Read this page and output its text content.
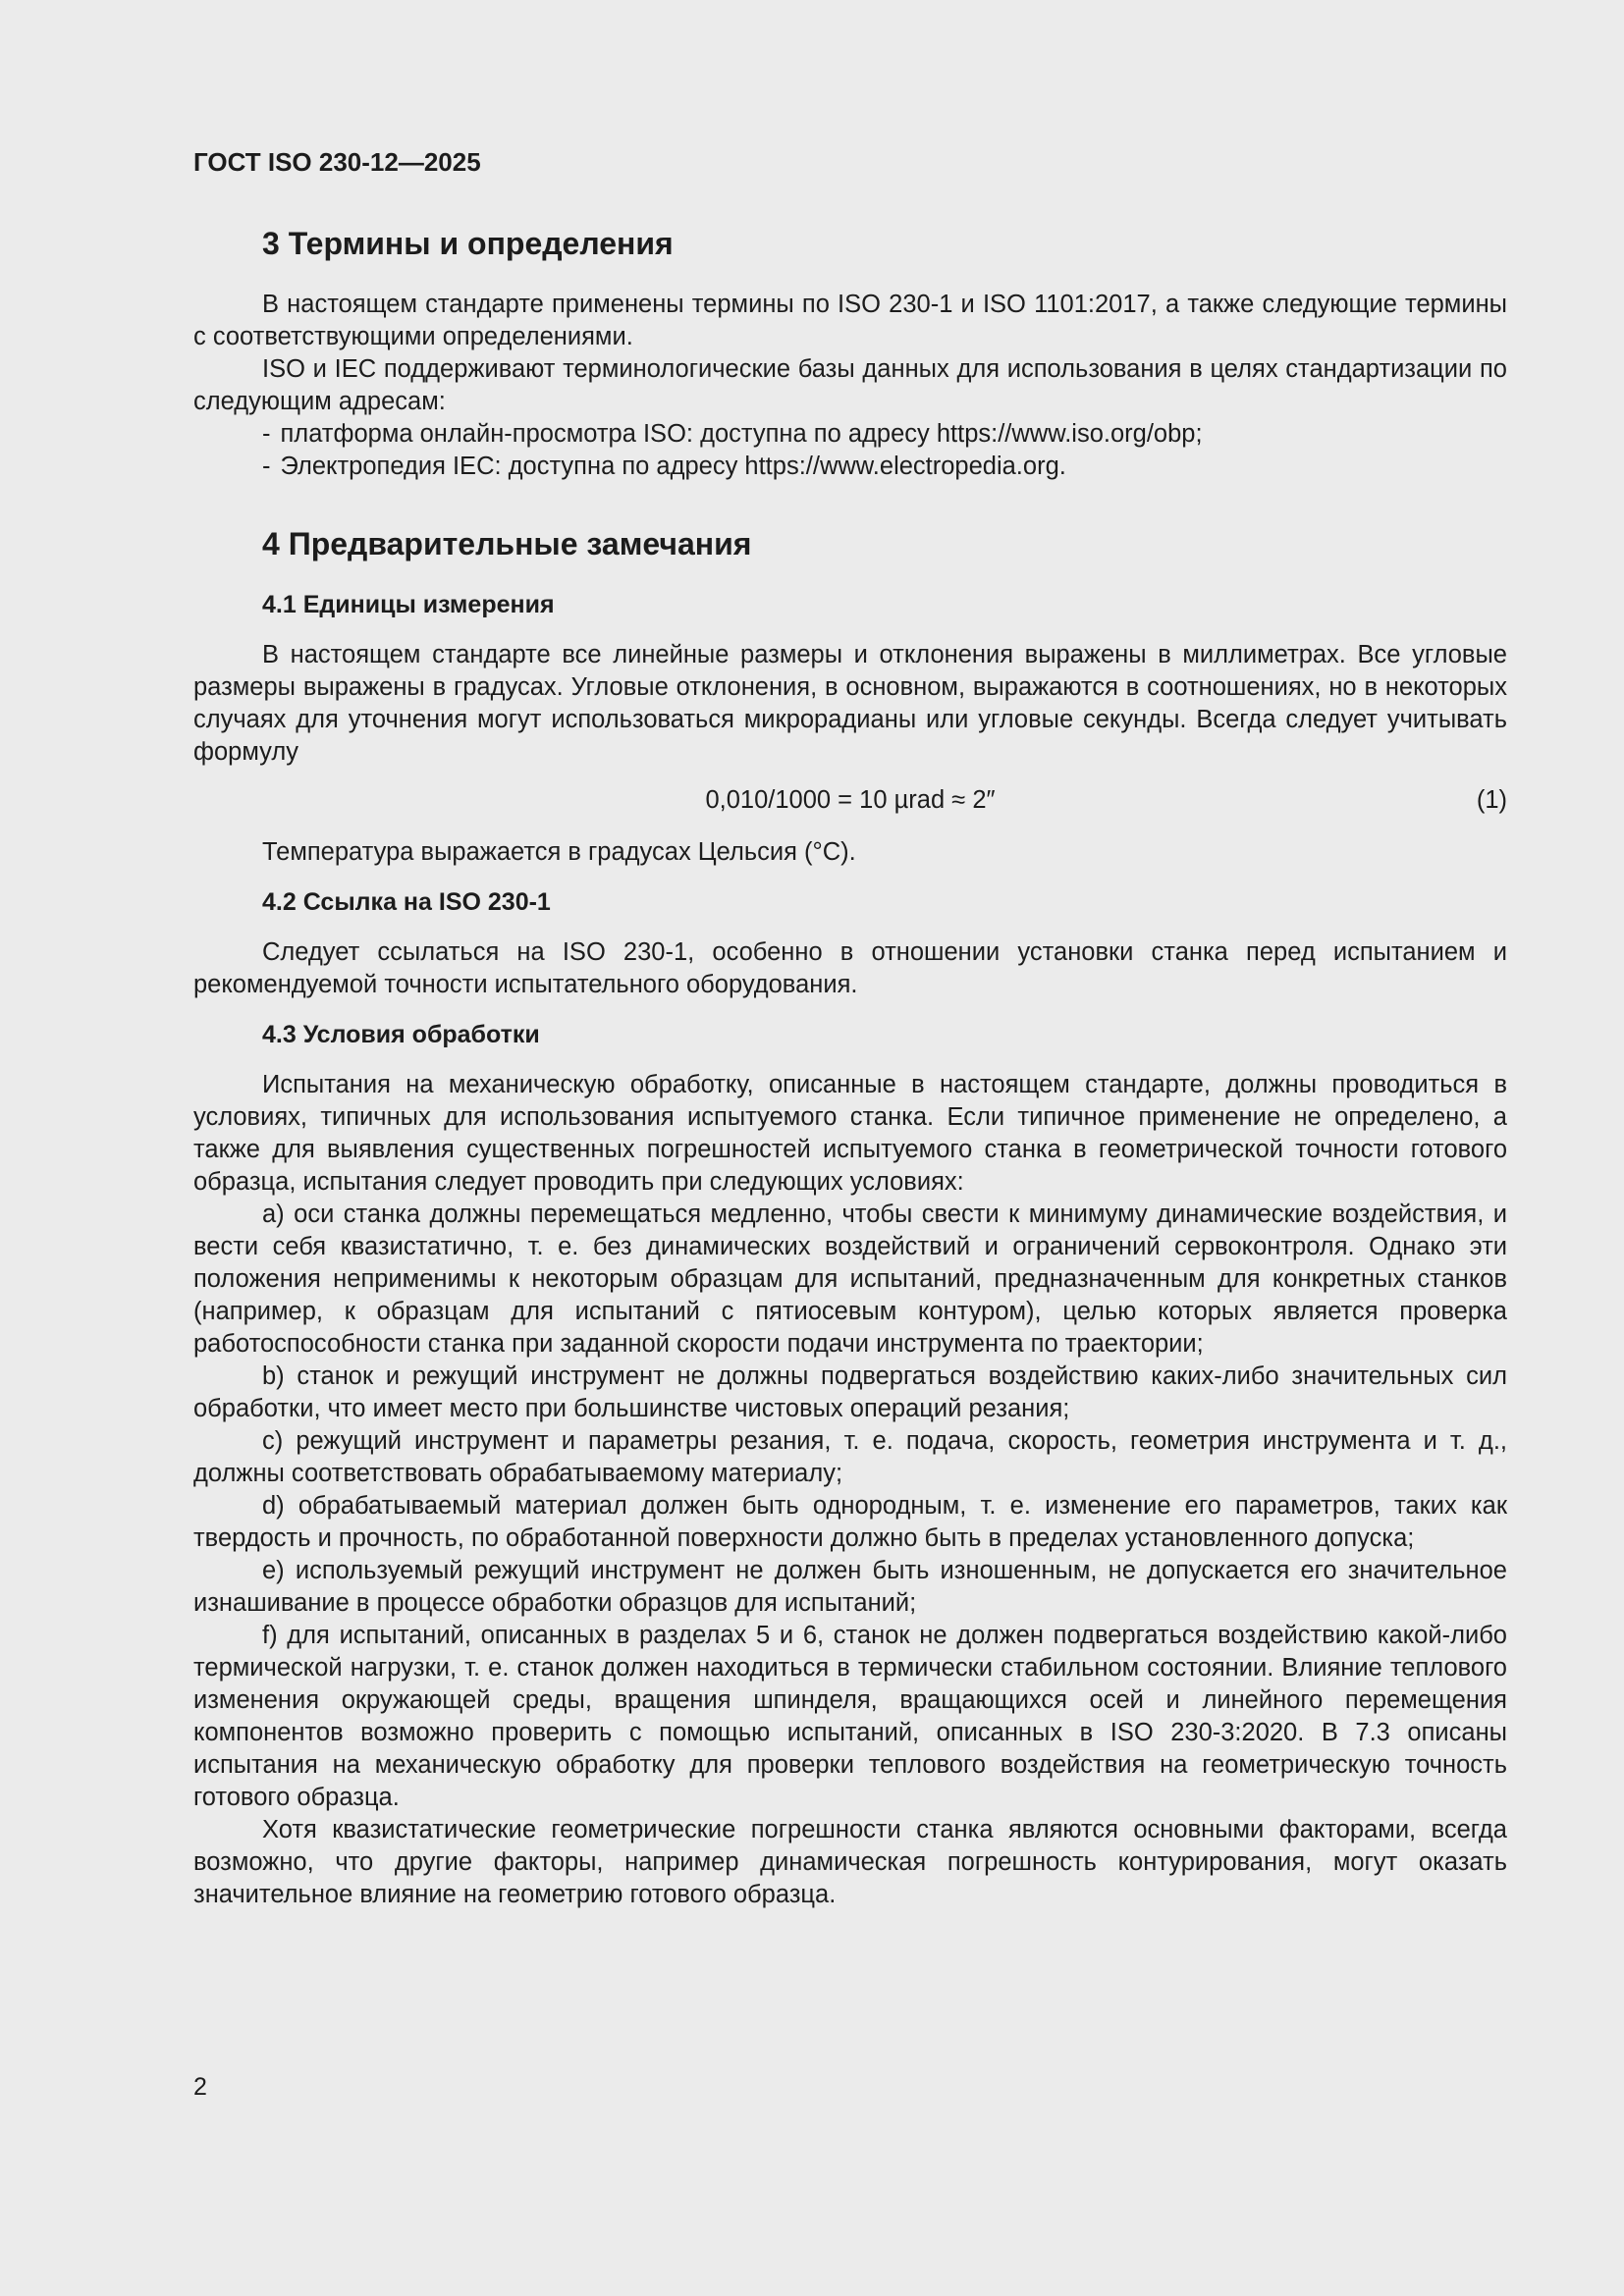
ГОСТ ISO 230-12—2025
3 Термины и определения

В настоящем стандарте применены термины по ISO 230-1 и ISO 1101:2017, а также следующие термины с соответствующими определениями.

ISO и IEC поддерживают терминологические базы данных для использования в целях стандартизации по следующим адресам:

- платформа онлайн-просмотра ISO: доступна по адресу https://www.iso.org/obp;
- Электропедия IEC: доступна по адресу https://www.electropedia.org.
4 Предварительные замечания
4.1 Единицы измерения

В настоящем стандарте все линейные размеры и отклонения выражены в миллиметрах. Все угловые размеры выражены в градусах. Угловые отклонения, в основном, выражаются в соотношениях, но в некоторых случаях для уточнения могут использоваться микрорадианы или угловые секунды. Всегда следует учитывать формулу

0,010/1000 = 10 µrad ≈ 2″	(1)

Температура выражается в градусах Цельсия (°С).

4.2 Ссылка на ISO 230-1

Следует ссылаться на ISO 230-1, особенно в отношении установки станка перед испытанием и рекомендуемой точности испытательного оборудования.

4.3 Условия обработки

Испытания на механическую обработку, описанные в настоящем стандарте, должны проводиться в условиях, типичных для использования испытуемого станка. Если типичное применение не определено, а также для выявления существенных погрешностей испытуемого станка в геометрической точности готового образца, испытания следует проводить при следующих условиях:

a) оси станка должны перемещаться медленно, чтобы свести к минимуму динамические воздействия, и вести себя квазистатично, т. е. без динамических воздействий и ограничений сервоконтроля. Однако эти положения неприменимы к некоторым образцам для испытаний, предназначенным для конкретных станков (например, к образцам для испытаний с пятиосевым контуром), целью которых является проверка работоспособности станка при заданной скорости подачи инструмента по траектории;

b) станок и режущий инструмент не должны подвергаться воздействию каких-либо значительных сил обработки, что имеет место при большинстве чистовых операций резания;

c) режущий инструмент и параметры резания, т. е. подача, скорость, геометрия инструмента и т. д., должны соответствовать обрабатываемому материалу;

d) обрабатываемый материал должен быть однородным, т. е. изменение его параметров, таких как твердость и прочность, по обработанной поверхности должно быть в пределах установленного допуска;

e) используемый режущий инструмент не должен быть изношенным, не допускается его значительное изнашивание в процессе обработки образцов для испытаний;

f) для испытаний, описанных в разделах 5 и 6, станок не должен подвергаться воздействию какой-либо термической нагрузки, т. е. станок должен находиться в термически стабильном состоянии. Влияние теплового изменения окружающей среды, вращения шпинделя, вращающихся осей и линейного перемещения компонентов возможно проверить с помощью испытаний, описанных в ISO 230-3:2020. В 7.3 описаны испытания на механическую обработку для проверки теплового воздействия на геометрическую точность готового образца.

Хотя квазистатические геометрические погрешности станка являются основными факторами, всегда возможно, что другие факторы, например динамическая погрешность контурирования, могут оказать значительное влияние на геометрию готового образца.

2
